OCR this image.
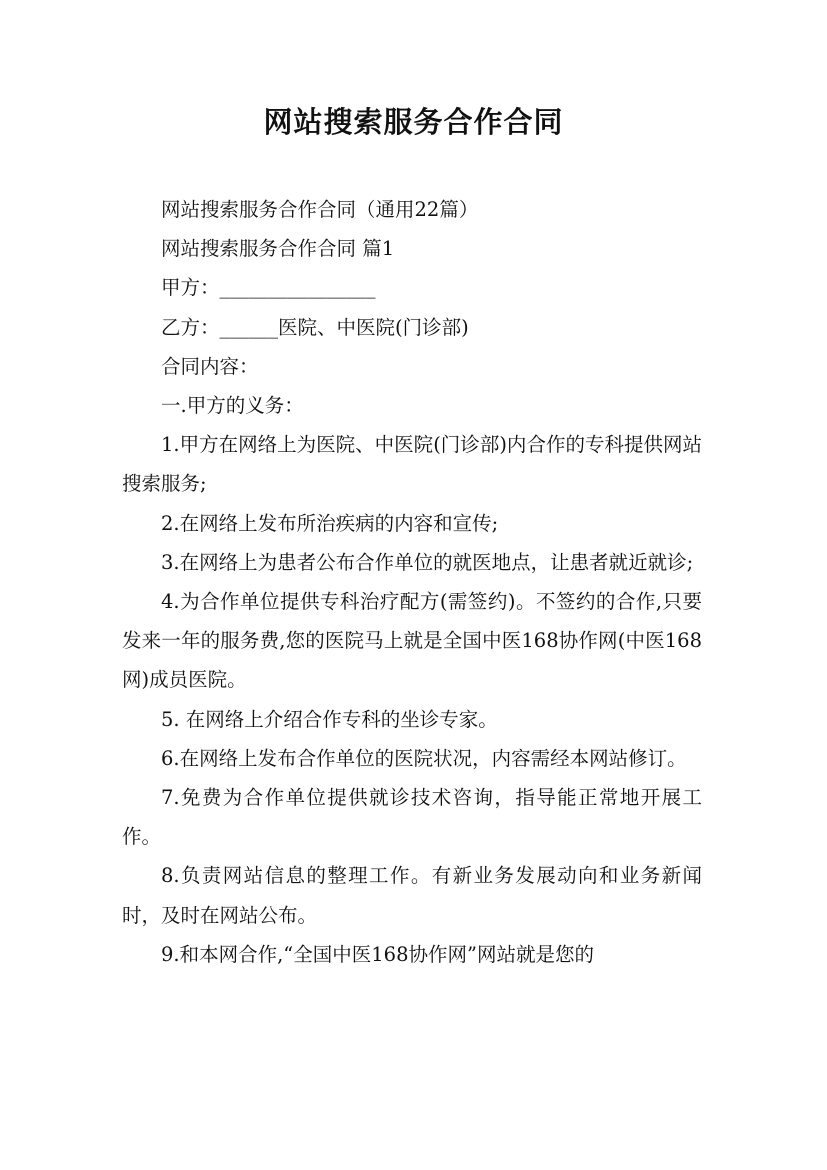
网站搜索服务合作合同

网站搜索服务合作合同（通用22篇）

网站搜索服务合作合同 篇1

甲方：________________

乙方：______医院、中医院(门诊部)

合同内容：

一.甲方的义务：

1.甲方在网络上为医院、中医院(门诊部)内合作的专科提供网站搜索服务;

2.在网络上发布所治疾病的内容和宣传;

3.在网络上为患者公布合作单位的就医地点，让患者就近就诊;

4.为合作单位提供专科治疗配方(需签约)。不签约的合作,只要发来一年的服务费,您的医院马上就是全国中医168协作网(中医168网)成员医院。

5. 在网络上介绍合作专科的坐诊专家。

6.在网络上发布合作单位的医院状况，内容需经本网站修订。

7.免费为合作单位提供就诊技术咨询，指导能正常地开展工作。

8.负责网站信息的整理工作。有新业务发展动向和业务新闻时，及时在网站公布。

9.和本网合作,“全国中医168协作网”网站就是您的
